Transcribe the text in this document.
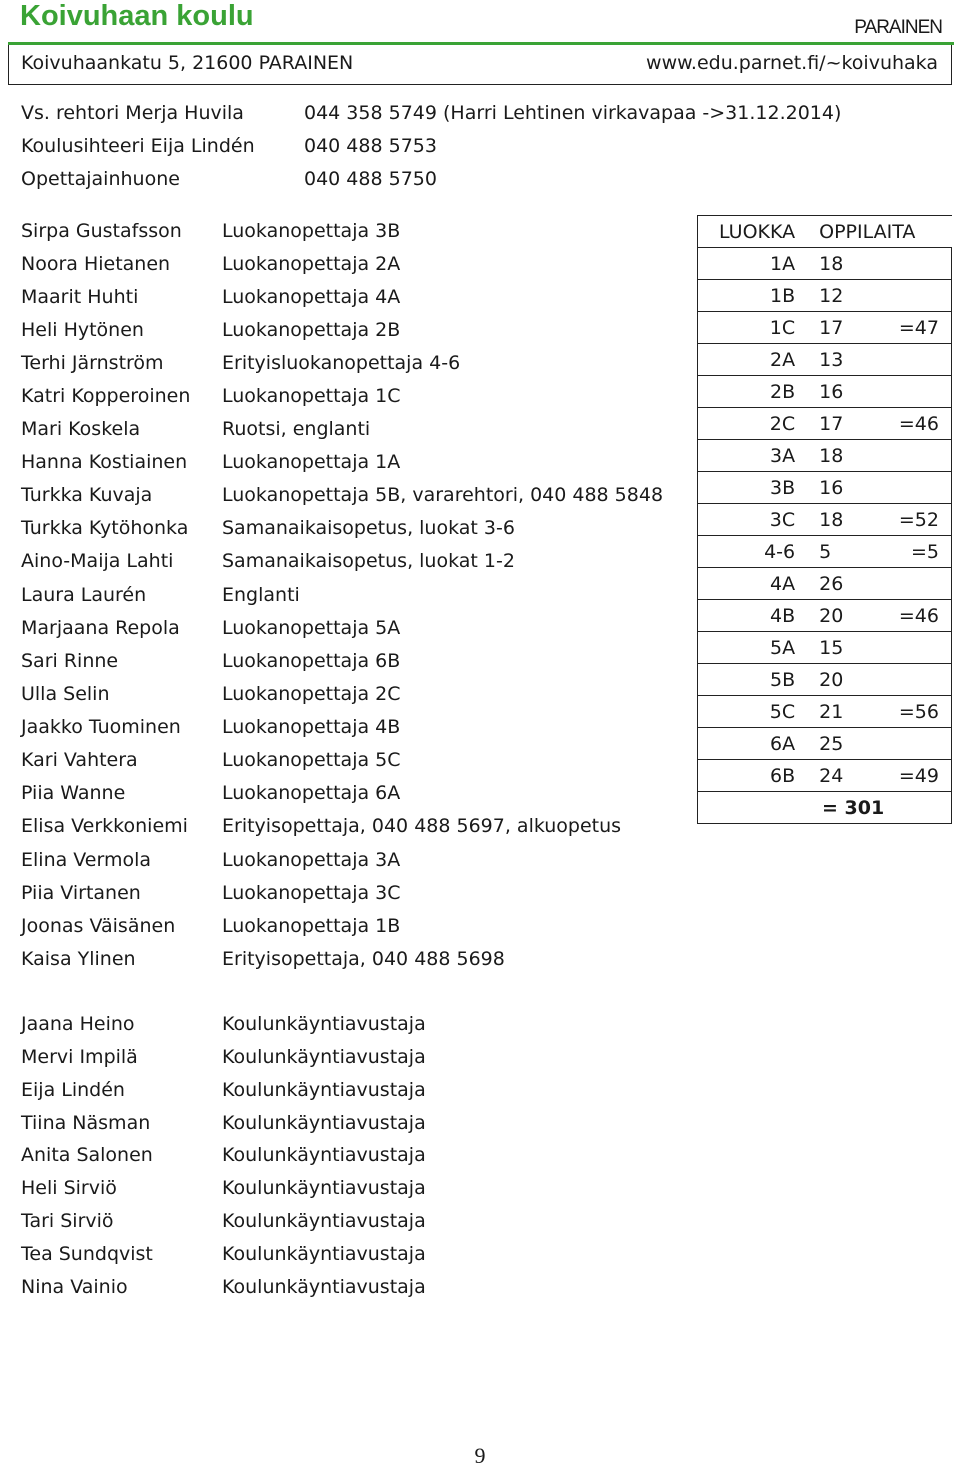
Koivuhaan koulu	PARAINEN
Koivuhaankatu 5, 21600 PARAINEN	www.edu.parnet.fi/~koivuhaka
Vs. rehtori Merja Huvila	044 358 5749 (Harri Lehtinen virkavapaa ->31.12.2014)
Koulusihteeri Eija Lindén	040 488 5753
Opettajainhuone	040 488 5750
Sirpa Gustafsson Luokanopettaja 3B
Noora Hietanen	Luokanopettaja 2A
Maarit Huhti	Luokanopettaja 4A
Heli Hytönen	Luokanopettaja 2B
Terhi Järnström	Erityisluokanopettaja 4-6
Katri Kopperoinen Luokanopettaja 1C
Mari Koskela	Ruotsi, englanti
Hanna Kostiainen Luokanopettaja 1A
Turkka Kuvaja	Luokanopettaja 5B, vararehtori, 040 488 5848
Turkka Kytöhonka Samanaikaisopetus, luokat 3-6
Aino-Maija Lahti	Samanaikaisopetus, luokat 1-2
Laura Laurén	Englanti
Marjaana Repola Luokanopettaja 5A
Sari Rinne	Luokanopettaja 6B
Ulla Selin	Luokanopettaja 2C
Jaakko Tuominen Luokanopettaja 4B
Kari Vahtera	Luokanopettaja 5C
Piia Wanne	Luokanopettaja 6A
Elisa Verkkoniemi Erityisopettaja, 040 488 5697, alkuopetus
Elina Vermola	Luokanopettaja 3A
Piia Virtanen	Luokanopettaja 3C
Joonas Väisänen Luokanopettaja 1B
Kaisa Ylinen	Erityisopettaja, 040 488 5698
LUOKKA	OPPILAITA	
1A	18	
1B	12	
1C	17	=47
2A	13	
2B	16	
2C	17	=46
3A	18	
3B	16	
3C	18	=52
4-6	5	=5
4A	26	
4B	20	=46
5A	15	
5B	20	
5C	21	=56
6A	25	
6B	24	=49
= 301		
Jaana Heino	Koulunkäyntiavustaja
Mervi Impilä	Koulunkäyntiavustaja
Eija Lindén	Koulunkäyntiavustaja
Tiina Näsman	Koulunkäyntiavustaja
Anita Salonen	Koulunkäyntiavustaja
Heli Sirviö	Koulunkäyntiavustaja
Tari Sirviö	Koulunkäyntiavustaja
Tea Sundqvist	Koulunkäyntiavustaja
Nina Vainio	Koulunkäyntiavustaja
9
